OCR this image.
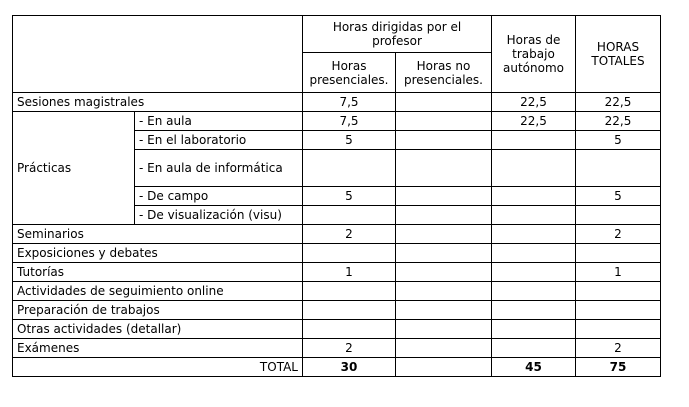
		Horas dirigidas por el profesor		Horas de trabajo autónomo	HORAS TOTALES
		Horas presenciales.	Horas no presenciales.		
Sesiones magistrales		7,5		22,5	22,5
Prácticas	- En aula	7,5		22,5	22,5
	- En el laboratorio	5			5
	- En aula de informática				
	- De campo	5			5
	- De visualización (visu)				
Seminarios		2			2
Exposiciones y debates					
Tutorías		1			1
Actividades de seguimiento online					
Preparación de trabajos					
Otras actividades (detallar)					
Exámenes		2			2
TOTAL		30		45	75
